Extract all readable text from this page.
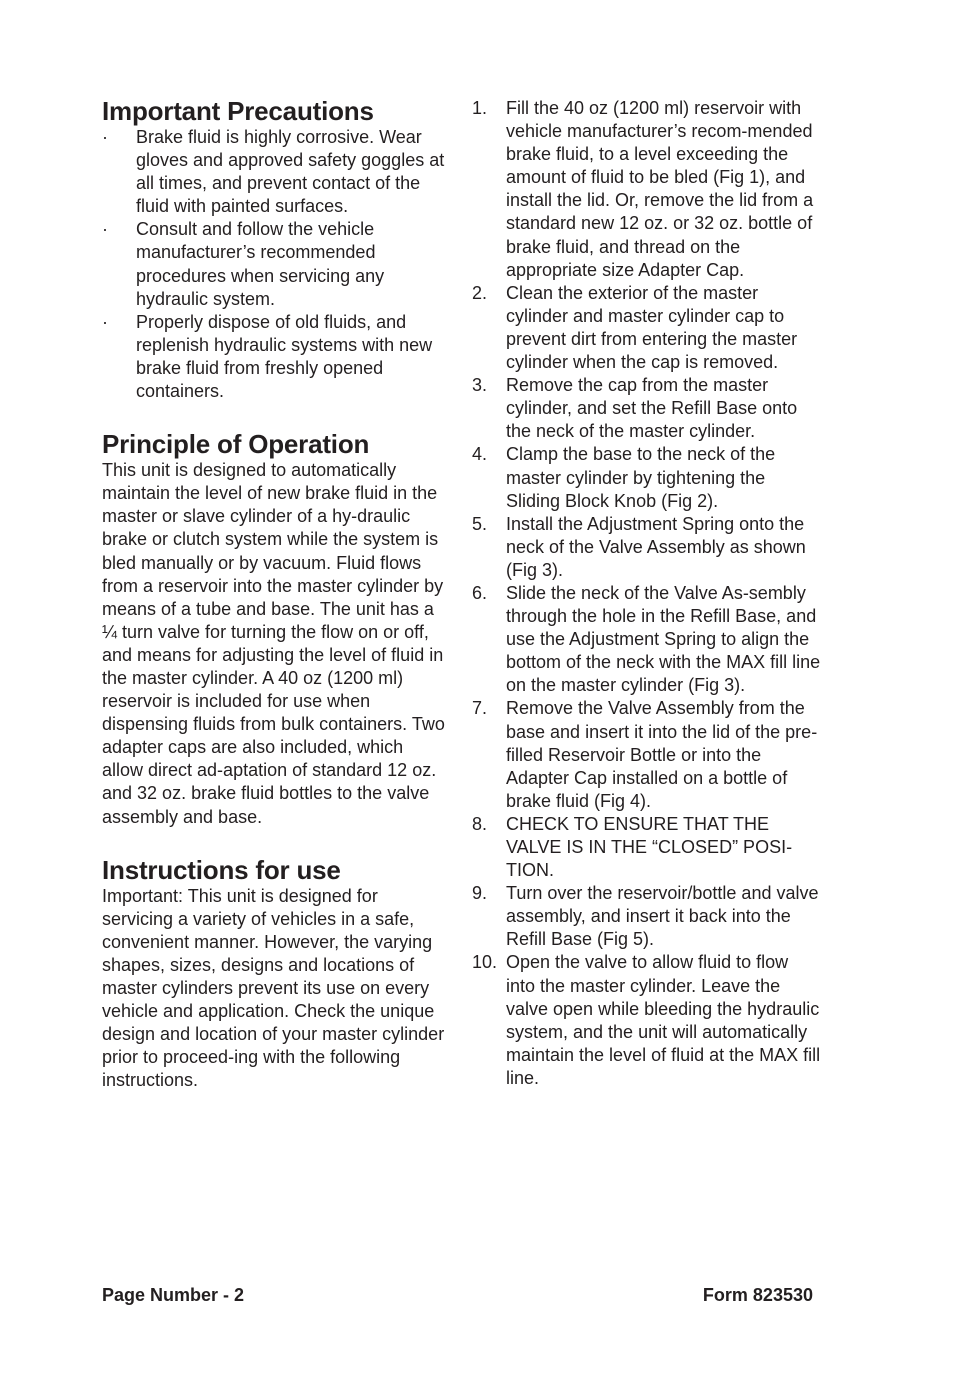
Important Precautions
· Brake fluid is highly corrosive. Wear gloves and approved safety goggles at all times, and prevent contact of the fluid with painted surfaces.
· Consult and follow the vehicle manufacturer’s recommended procedures when servicing any hydraulic system.
· Properly dispose of old fluids, and replenish hydraulic systems with new brake fluid from freshly opened containers.
Principle of Operation

This unit is designed to automatically maintain the level of new brake fluid in the master or slave cylinder of a hy-draulic brake or clutch system while the system is bled manually or by vacuum. Fluid flows from a reservoir into the master cylinder by means of a tube and base. The unit has a ¼ turn valve for turning the flow on or off, and means for adjusting the level of fluid in the master cylinder. A 40 oz (1200 ml) reservoir is included for use when dispensing fluids from bulk containers. Two adapter caps are also included, which allow direct ad-aptation of standard 12 oz. and 32 oz. brake fluid bottles to the valve assembly and base.

Instructions for use

Important: This unit is designed for servicing a variety of vehicles in a safe, convenient manner. However, the varying shapes, sizes, designs and locations of master cylinders prevent its use on every vehicle and application. Check the unique design and location of your master cylinder prior to proceed-ing with the following instructions.

1. Fill the 40 oz (1200 ml) reservoir with vehicle manufacturer’s recom-mended brake fluid, to a level exceeding the amount of fluid to be bled (Fig 1), and install the lid. Or, remove the lid from a standard new 12 oz. or 32 oz. bottle of brake fluid, and thread on the appropriate size Adapter Cap.
2. Clean the exterior of the master cylinder and master cylinder cap to prevent dirt from entering the master cylinder when the cap is removed.
3. Remove the cap from the master cylinder, and set the Refill Base onto the neck of the master cylinder.
4. Clamp the base to the neck of the master cylinder by tightening the Sliding Block Knob (Fig 2).
5. Install the Adjustment Spring onto the neck of the Valve Assembly as shown (Fig 3).
6. Slide the neck of the Valve As-sembly through the hole in the Refill Base, and use the Adjustment Spring to align the bottom of the neck with the MAX fill line on the master cylinder (Fig 3).
7. Remove the Valve Assembly from the base and insert it into the lid of the pre-filled Reservoir Bottle or into the Adapter Cap installed on a bottle of brake fluid (Fig 4).
8. CHECK TO ENSURE THAT THE VALVE IS IN THE “CLOSED” POSI-TION.
9. Turn over the reservoir/bottle and valve assembly, and insert it back into the Refill Base (Fig 5).
10. Open the valve to allow fluid to flow into the master cylinder. Leave the valve open while bleeding the hydraulic system, and the unit will automatically maintain the level of fluid at the MAX fill line.
Page Number - 2	Form 823530
